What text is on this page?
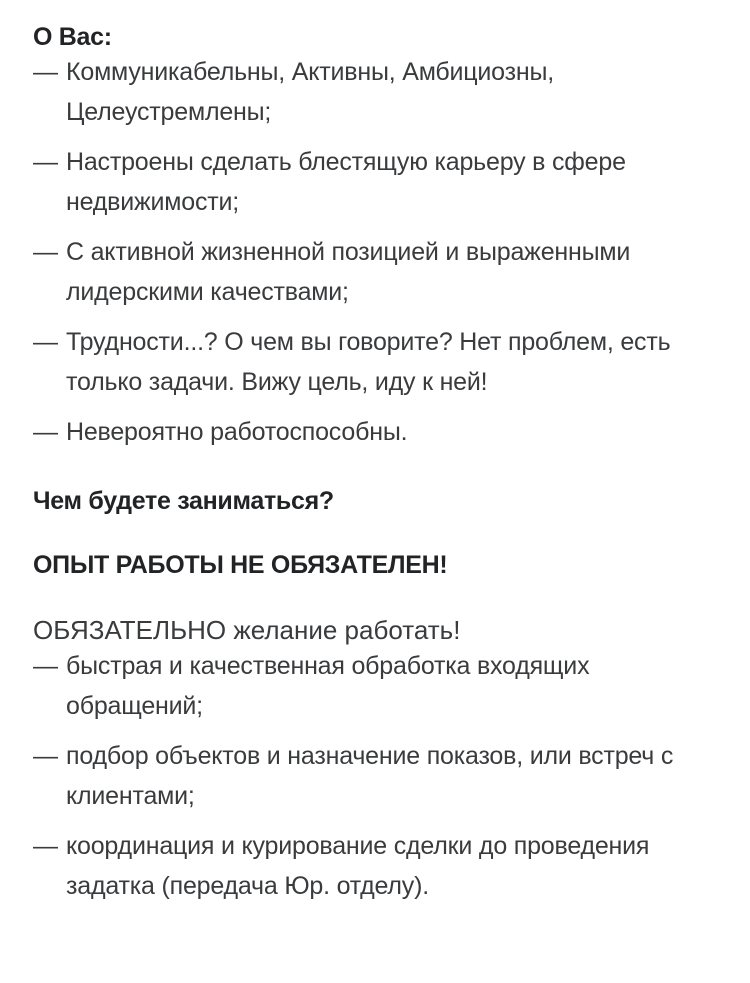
О Вас:
— Коммуникабельны, Активны, Амбициозны, Целеустремлены;
— Настроены сделать блестящую карьеру в сфере недвижимости;
— С активной жизненной позицией и выраженными лидерскими качествами;
— Трудности...? О чем вы говорите? Нет проблем, есть только задачи. Вижу цель, иду к ней!
— Невероятно работоспособны.
Чем будете заниматься?
ОПЫТ РАБОТЫ НЕ ОБЯЗАТЕЛЕН!

ОБЯЗАТЕЛЬНО желание работать!

— быстрая и качественная обработка входящих обращений;
— подбор объектов и назначение показов, или встреч с клиентами;
— координация и курирование сделки до проведения задатка (передача Юр. отделу).
